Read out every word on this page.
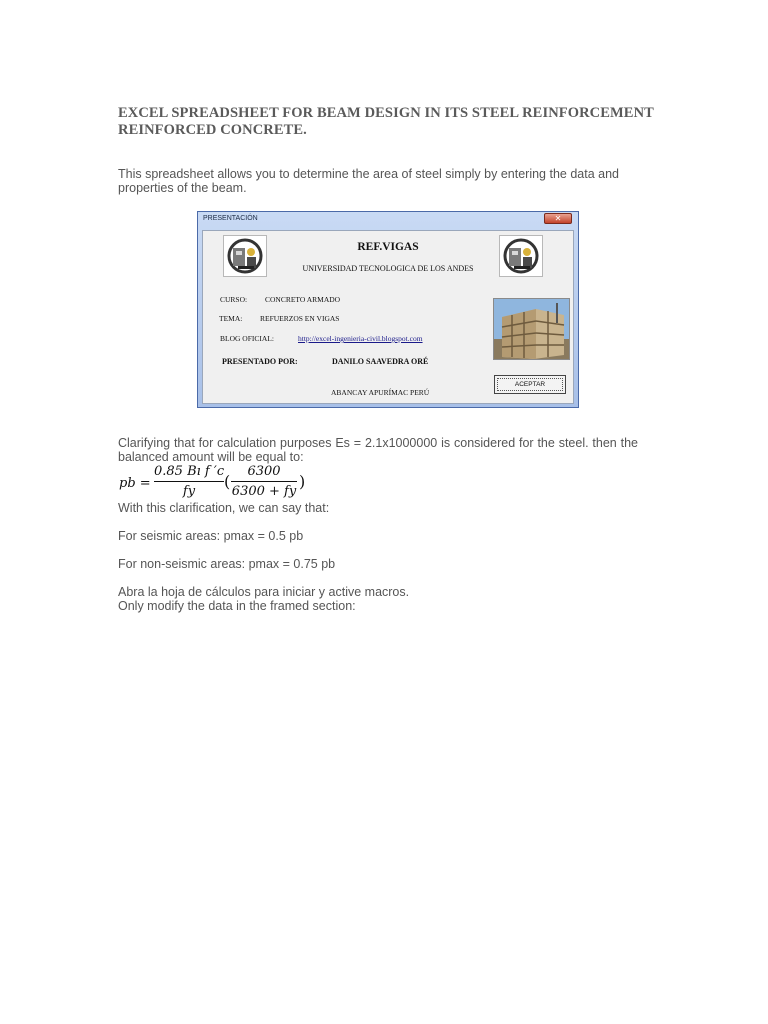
EXCEL SPREADSHEET FOR BEAM DESIGN IN ITS STEEL REINFORCEMENT REINFORCED CONCRETE.

This spreadsheet allows you to determine the area of steel simply by entering the data and properties of the beam.

PRESENTACIÓN	✕
REF.VIGAS
UNIVERSIDAD TECNOLOGICA DE LOS ANDES
CURSO: CONCRETO ARMADO
TEMA: REFUERZOS EN VIGAS
BLOG OFICIAL:	http://excel-ingenieria-civil.blogspot.com
PRESENTADO POR:	DANILO SAAVEDRA ORÉ
ACEPTAR
ABANCAY APURÍMAC PERÚ

Clarifying that for calculation purposes Es = 2.1x1000000 is considered for the steel. then the balanced amount will be equal to:

pb =
0.85 Bı f ′c
fy
(
6300
6300 + fy
)

With this clarification, we can say that:

For seismic areas: pmax = 0.5 pb

For non-seismic areas: pmax = 0.75 pb

Abra la hoja de cálculos para iniciar y active macros.

Only modify the data in the framed section:
